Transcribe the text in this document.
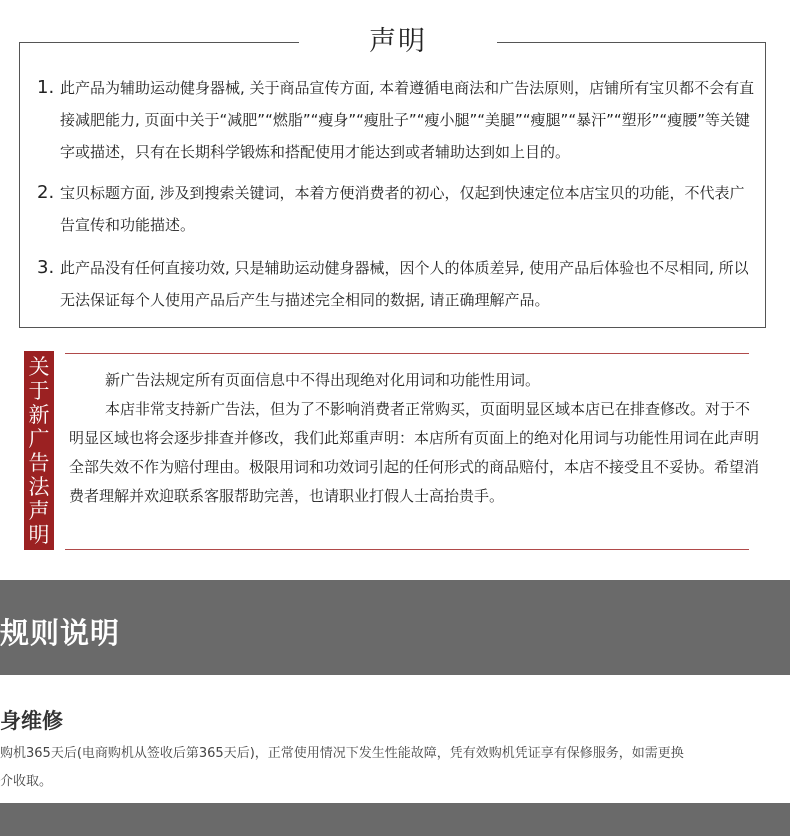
声明
1. 此产品为辅助运动健身器械, 关于商品宣传方面, 本着遵循电商法和广告法原则，店铺所有宝贝都不会有直接减肥能力, 页面中关于“减肥”“燃脂”“瘦身”“瘦肚子”“瘦小腿”“美腿”“瘦腿”“暴汗”“塑形”“瘦腰”等关键字或描述，只有在长期科学锻炼和搭配使用才能达到或者辅助达到如上目的。
2. 宝贝标题方面, 涉及到搜索关键词，本着方便消费者的初心，仅起到快速定位本店宝贝的功能，不代表广告宣传和功能描述。
3. 此产品没有任何直接功效, 只是辅助运动健身器械，因个人的体质差异, 使用产品后体验也不尽相同, 所以无法保证每个人使用产品后产生与描述完全相同的数据, 请正确理解产品。
关
于
新
广
告
法
声
明

新广告法规定所有页面信息中不得出现绝对化用词和功能性用词。

本店非常支持新广告法，但为了不影响消费者正常购买，页面明显区域本店已在排查修改。对于不明显区域也将会逐步排查并修改，我们此郑重声明：本店所有页面上的绝对化用词与功能性用词在此声明全部失效不作为赔付理由。极限用词和功效词引起的任何形式的商品赔付，本店不接受且不妥协。希望消费者理解并欢迎联系客服帮助完善，也请职业打假人士高抬贵手。

规则说明
身维修
购机365天后(电商购机从签收后第365天后)，正常使用情况下发生性能故障，凭有效购机凭证享有保修服务，如需更换
介收取。
